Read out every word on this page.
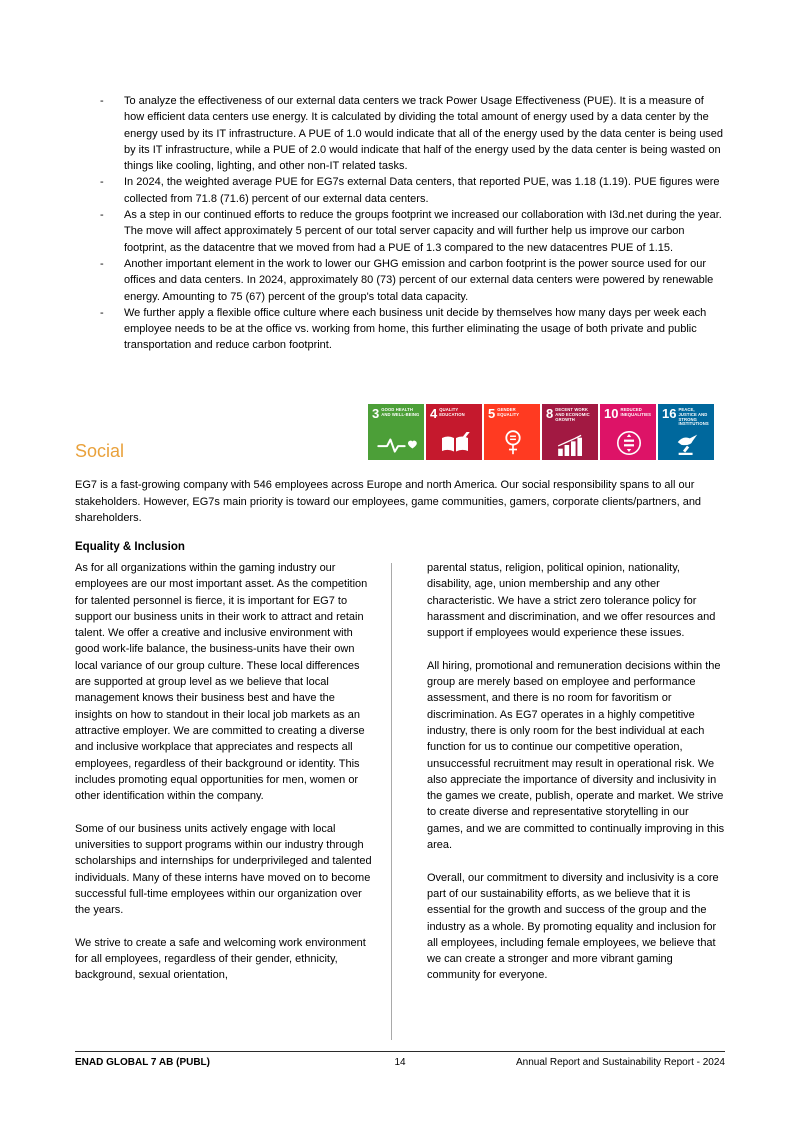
-	To analyze the effectiveness of our external data centers we track Power Usage Effectiveness (PUE). It is a measure of how efficient data centers use energy. It is calculated by dividing the total amount of energy used by a data center by the energy used by its IT infrastructure. A PUE of 1.0 would indicate that all of the energy used by the data center is being used by its IT infrastructure, while a PUE of 2.0 would indicate that half of the energy used by the data center is being wasted on things like cooling, lighting, and other non-IT related tasks.
-	In 2024, the weighted average PUE for EG7s external Data centers, that reported PUE, was 1.18 (1.19). PUE figures were collected from 71.8 (71.6) percent of our external data centers.
-	As a step in our continued efforts to reduce the groups footprint we increased our collaboration with I3d.net during the year. The move will affect approximately 5 percent of our total server capacity and will further help us improve our carbon footprint, as the datacentre that we moved from had a PUE of 1.3 compared to the new datacentres PUE of 1.15.
-	Another important element in the work to lower our GHG emission and carbon footprint is the power source used for our offices and data centers. In 2024, approximately 80 (73) percent of our external data centers were powered by renewable energy. Amounting to 75 (67) percent of the group's total data capacity.
-	We further apply a flexible office culture where each business unit decide by themselves how many days per week each employee needs to be at the office vs. working from home, this further eliminating the usage of both private and public transportation and reduce carbon footprint.
3 GOOD HEALTH AND WELL-BEING 4 QUALITY EDUCATION	5 GENDER EQUALITY	8 DECENT WORK AND ECONOMIC GROWTH	10 REDUCED INEQUALITIES 16 PEACE, JUSTICE AND STRONG INSTITUTIONS
Social

EG7 is a fast-growing company with 546 employees across Europe and north America. Our social responsibility spans to all our stakeholders. However, EG7s main priority is toward our employees, game communities, gamers, corporate clients/partners, and shareholders.

Equality & Inclusion

As for all organizations within the gaming industry our employees are our most important asset. As the competition for talented personnel is fierce, it is important for EG7 to support our business units in their work to attract and retain talent. We offer a creative and inclusive environment with good work-life balance, the business-units have their own local variance of our group culture. These local differences are supported at group level as we believe that local management knows their business best and have the insights on how to standout in their local job markets as an attractive employer. We are committed to creating a diverse and inclusive workplace that appreciates and respects all employees, regardless of their background or identity. This includes promoting equal opportunities for men, women or other identification within the company.

Some of our business units actively engage with local universities to support programs within our industry through scholarships and internships for underprivileged and talented individuals. Many of these interns have moved on to become successful full-time employees within our organization over the years.

We strive to create a safe and welcoming work environment for all employees, regardless of their gender, ethnicity, background, sexual orientation,

parental status, religion, political opinion, nationality, disability, age, union membership and any other characteristic. We have a strict zero tolerance policy for harassment and discrimination, and we offer resources and support if employees would experience these issues.

All hiring, promotional and remuneration decisions within the group are merely based on employee and performance assessment, and there is no room for favoritism or discrimination. As EG7 operates in a highly competitive industry, there is only room for the best individual at each function for us to continue our competitive operation, unsuccessful recruitment may result in operational risk. We also appreciate the importance of diversity and inclusivity in the games we create, publish, operate and market. We strive to create diverse and representative storytelling in our games, and we are committed to continually improving in this area.

Overall, our commitment to diversity and inclusivity is a core part of our sustainability efforts, as we believe that it is essential for the growth and success of the group and the industry as a whole. By promoting equality and inclusion for all employees, including female employees, we believe that we can create a stronger and more vibrant gaming community for everyone.

ENAD GLOBAL 7 AB (PUBL)	14	Annual Report and Sustainability Report - 2024
